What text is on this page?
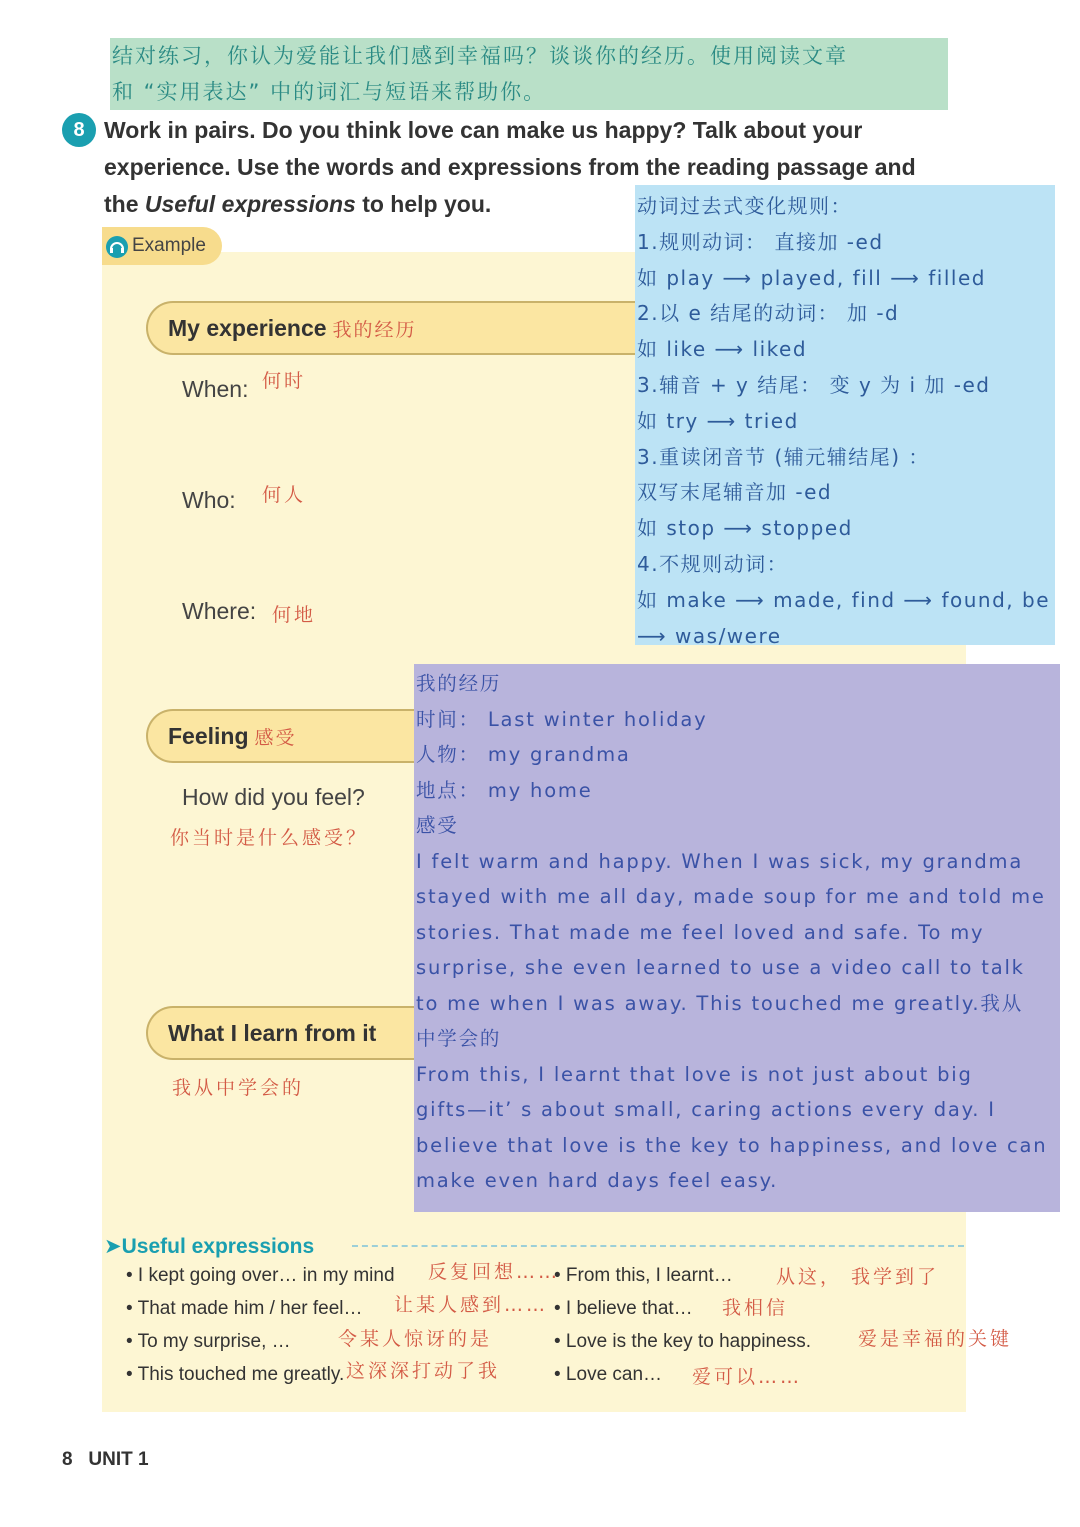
结对练习，你认为爱能让我们感到幸福吗？谈谈你的经历。使用阅读文章
和 “实用表达” 中的词汇与短语来帮助你。
8 Work in pairs. Do you think love can make us happy? Talk about your
experience. Use the words and expressions from the reading passage and
the Useful expressions to help you.
Example
My experience 我的经历
When: 何时
Who: 何人
Where: 何地
Feeling 感受
How did you feel?
你当时是什么感受？
What I learn from it
我从中学会的
动词过去式变化规则：
1.规则动词： 直接加 -ed
如 play ⟶ played, fill ⟶ filled
2.以 e 结尾的动词： 加 -d
如 like ⟶ liked
3.辅音 + y 结尾： 变 y 为 i 加 -ed
如 try ⟶ tried
3.重读闭音节 (辅元辅结尾) ：
双写末尾辅音加 -ed
如 stop ⟶ stopped
4.不规则动词：
如 make ⟶ made, find ⟶ found, be
⟶ was/were
我的经历
时间： Last winter holiday
人物： my grandma
地点： my home
感受
I felt warm and happy. When I was sick, my grandma
stayed with me all day, made soup for me and told me
stories. That made me feel loved and safe. To my
surprise, she even learned to use a video call to talk
to me when I was away. This touched me greatly.我从
中学会的
From this, I learnt that love is not just about big
gifts—it’ s about small, caring actions every day. I
believe that love is the key to happiness, and love can
make even hard days feel easy.
➤Useful expressions
• I kept going over… in my mind 反复回想……
• That made him / her feel… 让某人感到……
• To my surprise, … 令某人惊讶的是
• This touched me greatly. 这深深打动了我
• From this, I learnt… 从这， 我学到了
• I believe that… 我相信
• Love is the key to happiness. 爱是幸福的关键
• Love can… 爱可以……
8 UNIT 1
